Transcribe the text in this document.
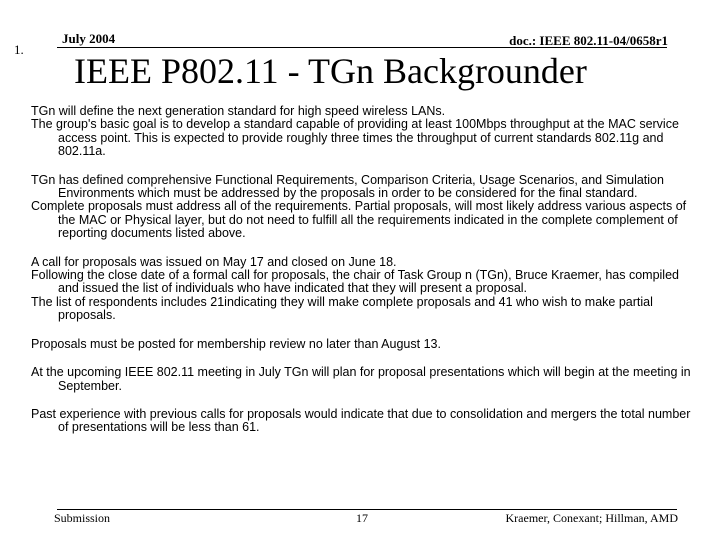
1.
July 2004	doc.: IEEE 802.11-04/0658r1
IEEE P802.11 - TGn Backgrounder
TGn will define the next generation standard for high speed wireless LANs.
The group's basic goal is to develop a standard capable of providing at least 100Mbps throughput at the MAC service access point. This is expected to provide roughly three times the throughput of current standards 802.11g and 802.11a.
TGn has defined comprehensive Functional Requirements, Comparison Criteria, Usage Scenarios, and Simulation Environments which must be addressed by the proposals in order to be considered for the final standard.
Complete proposals must address all of the requirements. Partial proposals, will most likely address various aspects of the MAC or Physical layer, but do not need to fulfill all the requirements indicated in the complete complement of reporting documents listed above.
A call for proposals was issued on May 17 and closed on June 18.
Following the close date of a formal call for proposals, the chair of Task Group n (TGn), Bruce Kraemer, has compiled and issued the list of individuals who have indicated that they will present a proposal.
The list of respondents includes 21indicating they will make complete proposals and 41 who wish to make partial proposals.
Proposals must be posted for membership review no later than August 13.
At the upcoming IEEE 802.11 meeting in July TGn will plan for proposal presentations which will begin at the meeting in September.
Past experience with previous calls for proposals would indicate that due to consolidation and mergers the total number of presentations will be less than 61.
Submission	17	Kraemer, Conexant; Hillman, AMD
